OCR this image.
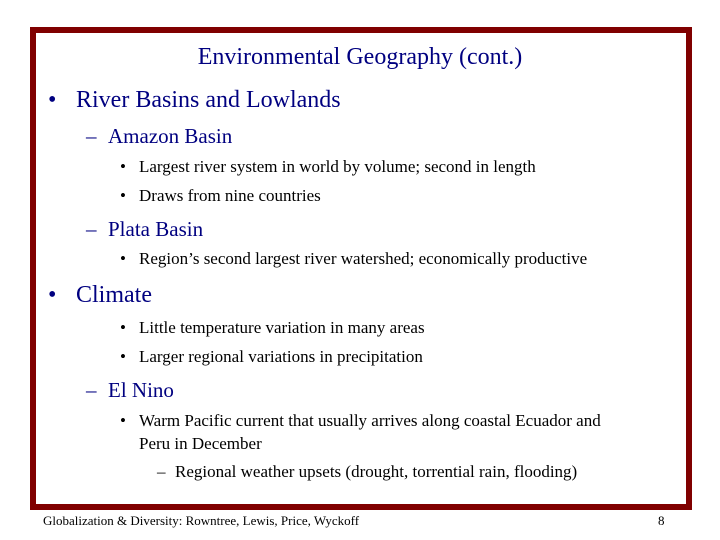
Environmental Geography (cont.)
• River Basins and Lowlands
– Amazon Basin
• Largest river system in world by volume; second in length
• Draws from nine countries
– Plata Basin
• Region’s second largest river watershed; economically productive
• Climate
• Little temperature variation in many areas
• Larger regional variations in precipitation
– El Nino
• Warm Pacific current that usually arrives along coastal Ecuador and
Peru in December
– Regional weather upsets (drought, torrential rain, flooding)
Globalization & Diversity: Rowntree, Lewis, Price, Wyckoff	8
